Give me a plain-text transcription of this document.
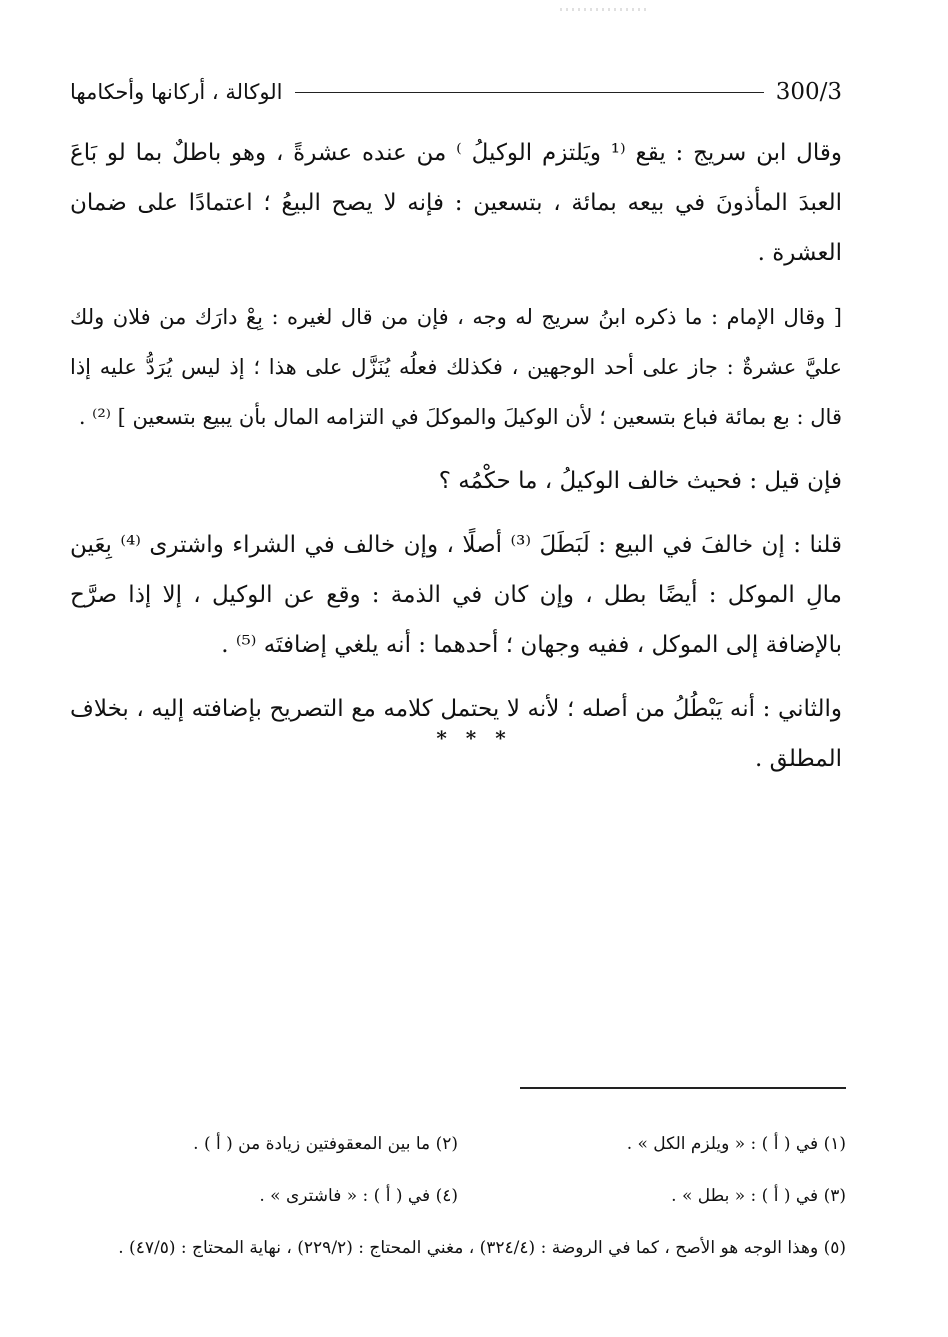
300/3
الوكالة ، أركانها وأحكامها

وقال ابن سريج : يقع ⁽¹ ويَلتزم الوكيلُ ⁾ من عنده عشرةً ، وهو باطلٌ بما لو بَاعَ العبدَ المأذونَ في بيعه بمائة ، بتسعين : فإنه لا يصح البيعُ ؛ اعتمادًا على ضمان العشرة .

[ وقال الإمام : ما ذكره ابنُ سريج له وجه ، فإن من قال لغيره : بِعْ دارَك من فلان ولك عليَّ عشرةٌ : جاز على أحد الوجهين ، فكذلك فعلُه يُنَزَّل على هذا ؛ إذ ليس يُرَدُّ عليه إذا قال : بع بمائة فباع بتسعين ؛ لأن الوكيلَ والموكلَ في التزامه المال بأن يبيع بتسعين ] ⁽²⁾ .

فإن قيل : فحيث خالف الوكيلُ ، ما حكْمُه ؟

قلنا : إن خالفَ في البيع : لَبَطَلَ ⁽³⁾ أصلًا ، وإن خالف في الشراء واشترى ⁽⁴⁾ بِعَين مالِ الموكل : أيضًا بطل ، وإن كان في الذمة : وقع عن الوكيل ، إلا إذا صرَّح بالإضافة إلى الموكل ، ففيه وجهان ؛ أحدهما : أنه يلغي إضافتَه ⁽⁵⁾ .

والثاني : أنه يَبْطُلُ من أصله ؛ لأنه لا يحتمل كلامه مع التصريح بإضافته إليه ، بخلاف المطلق .

* * *
(١) في ( أ ) : « ويلزم الكل » .
(٢) ما بين المعقوفتين زيادة من ( أ ) .
(٣) في ( أ ) : « بطل » .
(٤) في ( أ ) : « فاشترى » .
(٥) وهذا الوجه هو الأصح ، كما في الروضة : (٣٢٤/٤) ، مغني المحتاج : (٢٢٩/٢) ، نهاية المحتاج : (٤٧/٥) .
